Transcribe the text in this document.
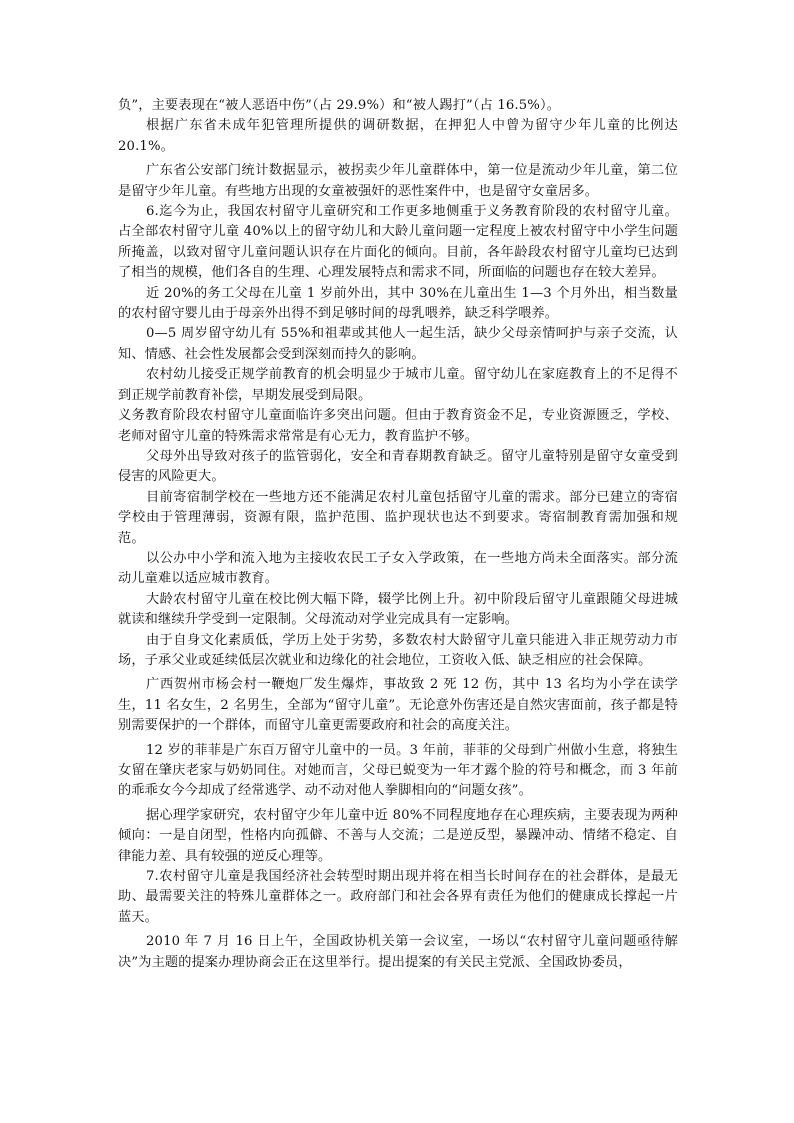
负”，主要表现在“被人恶语中伤”（占 29.9%）和“被人踢打”（占 16.5%）。

根据广东省未成年犯管理所提供的调研数据，在押犯人中曾为留守少年儿童的比例达 20.1%。

广东省公安部门统计数据显示，被拐卖少年儿童群体中，第一位是流动少年儿童，第二位是留守少年儿童。有些地方出现的女童被强奸的恶性案件中，也是留守女童居多。

6.迄今为止，我国农村留守儿童研究和工作更多地侧重于义务教育阶段的农村留守儿童。占全部农村留守儿童 40%以上的留守幼儿和大龄儿童问题一定程度上被农村留守中小学生问题所掩盖，以致对留守儿童问题认识存在片面化的倾向。目前，各年龄段农村留守儿童均已达到了相当的规模，他们各自的生理、心理发展特点和需求不同，所面临的问题也存在较大差异。

近 20%的务工父母在儿童 1 岁前外出，其中 30%在儿童出生 1—3 个月外出，相当数量的农村留守婴儿由于母亲外出得不到足够时间的母乳喂养，缺乏科学喂养。

0—5 周岁留守幼儿有 55%和祖辈或其他人一起生活，缺少父母亲情呵护与亲子交流，认知、情感、社会性发展都会受到深刻而持久的影响。

农村幼儿接受正规学前教育的机会明显少于城市儿童。留守幼儿在家庭教育上的不足得不到正规学前教育补偿，早期发展受到局限。

义务教育阶段农村留守儿童面临许多突出问题。但由于教育资金不足，专业资源匮乏，学校、老师对留守儿童的特殊需求常常是有心无力，教育监护不够。

父母外出导致对孩子的监管弱化，安全和青春期教育缺乏。留守儿童特别是留守女童受到侵害的风险更大。

目前寄宿制学校在一些地方还不能满足农村儿童包括留守儿童的需求。部分已建立的寄宿学校由于管理薄弱，资源有限，监护范围、监护现状也达不到要求。寄宿制教育需加强和规范。

以公办中小学和流入地为主接收农民工子女入学政策，在一些地方尚未全面落实。部分流动儿童难以适应城市教育。

大龄农村留守儿童在校比例大幅下降，辍学比例上升。初中阶段后留守儿童跟随父母进城就读和继续升学受到一定限制。父母流动对学业完成具有一定影响。

由于自身文化素质低，学历上处于劣势，多数农村大龄留守儿童只能进入非正规劳动力市场，子承父业或延续低层次就业和边缘化的社会地位，工资收入低、缺乏相应的社会保障。

广西贺州市杨会村一鞭炮厂发生爆炸，事故致 2 死 12 伤，其中 13 名均为小学在读学生，11 名女生，2 名男生，全部为“留守儿童”。无论意外伤害还是自然灾害面前，孩子都是特别需要保护的一个群体，而留守儿童更需要政府和社会的高度关注。

12 岁的菲菲是广东百万留守儿童中的一员。3 年前，菲菲的父母到广州做小生意，将独生女留在肇庆老家与奶奶同住。对她而言，父母已蜕变为一年才露个脸的符号和概念，而 3 年前的乖乖女今今却成了经常逃学、动不动对他人拳脚相向的“问题女孩”。

据心理学家研究，农村留守少年儿童中近 80%不同程度地存在心理疾病，主要表现为两种倾向：一是自闭型，性格内向孤僻、不善与人交流；二是逆反型，暴躁冲动、情绪不稳定、自律能力差、具有较强的逆反心理等。

7.农村留守儿童是我国经济社会转型时期出现并将在相当长时间存在的社会群体，是最无助、最需要关注的特殊儿童群体之一。政府部门和社会各界有责任为他们的健康成长撑起一片蓝天。

2010 年 7 月 16 日上午，全国政协机关第一会议室，一场以“农村留守儿童问题亟待解决”为主题的提案办理协商会正在这里举行。提出提案的有关民主党派、全国政协委员，
